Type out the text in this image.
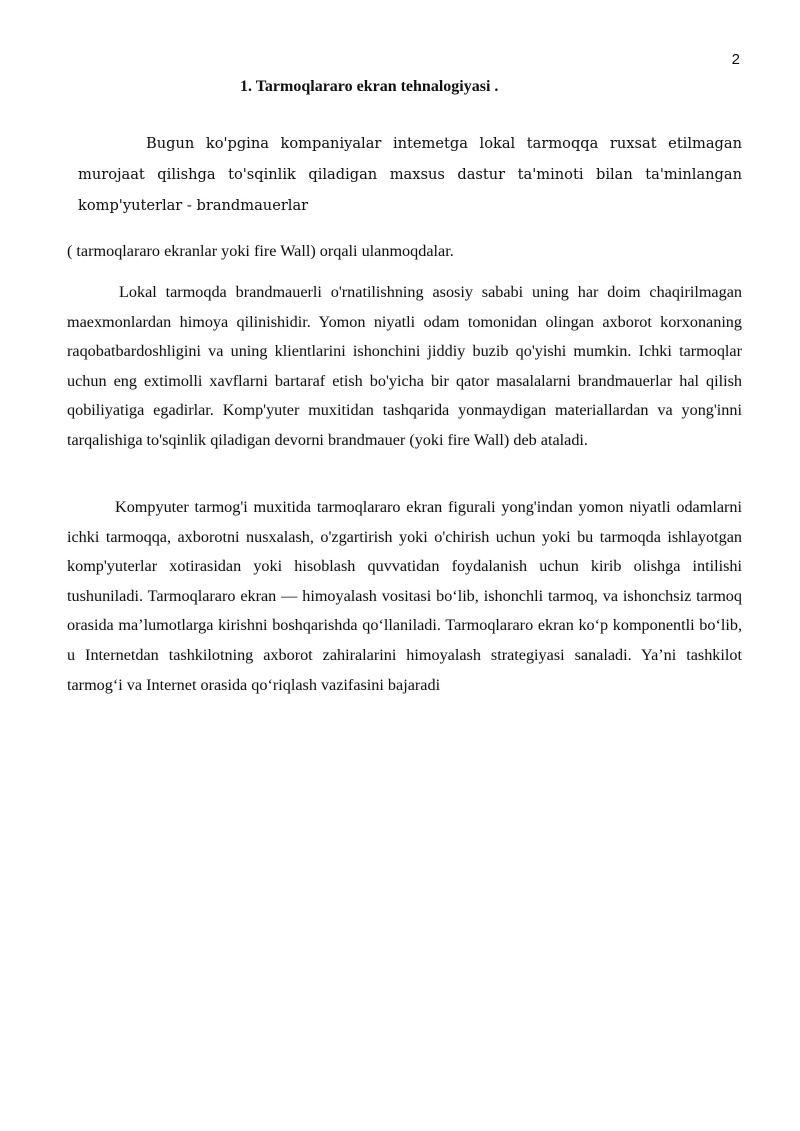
2
1. Tarmoqlararo ekran tehnalogiyasi .

Bugun ko'pgina kompaniyalar intemetga lokal tarmoqqa ruxsat etilmagan murojaat qilishga to'sqinlik qiladigan maxsus dastur ta'minoti bilan ta'minlangan komp'yuterlar - brandmauerlar

( tarmoqlararo ekranlar yoki fire Wall) orqali ulanmoqdalar.

Lokal tarmoqda brandmauerli o'rnatilishning asosiy sababi uning har doim chaqirilmagan maexmonlardan himoya qilinishidir. Yomon niyatli odam tomonidan olingan axborot korxonaning raqobatbardoshligini va uning klientlarini ishonchini jiddiy buzib qo'yishi mumkin. Ichki tarmoqlar uchun eng extimolli xavflarni bartaraf etish bo'yicha bir qator masalalarni brandmauerlar hal qilish qobiliyatiga egadirlar. Komp'yuter muxitidan tashqarida yonmaydigan materiallardan va yong'inni tarqalishiga to'sqinlik qiladigan devorni brandmauer (yoki fire Wall) deb ataladi.

Kompyuter tarmog'i muxitida tarmoqlararo ekran figurali yong'indan yomon niyatli odamlarni ichki tarmoqqa, axborotni nusxalash, o'zgartirish yoki o'chirish uchun yoki bu tarmoqda ishlayotgan komp'yuterlar xotirasidan yoki hisoblash quvvatidan foydalanish uchun kirib olishga intilishi tushuniladi. Tarmoqlararo ekran — himoyalash vositasi bo‘lib, ishonchli tarmoq, va ishonchsiz tarmoq orasida ma’lumotlarga kirishni boshqarishda qo‘llaniladi. Tarmoqlararo ekran ko‘p komponentli bo‘lib, u Internetdan tashkilotning axborot zahiralarini himoyalash strategiyasi sanaladi. Ya’ni tashkilot tarmog‘i va Internet orasida qo‘riqlash vazifasini bajaradi
